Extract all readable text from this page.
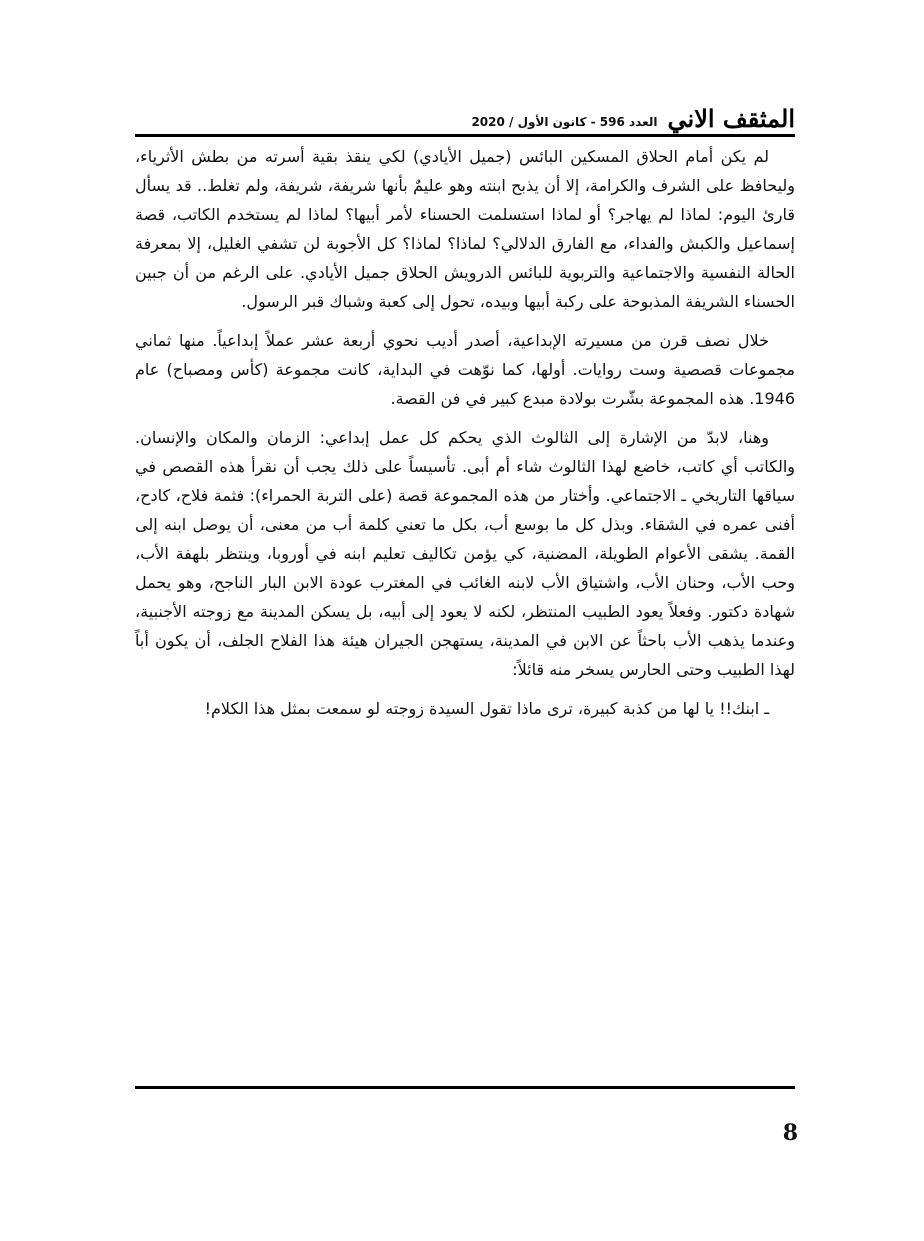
المثقف الاني
العدد 596 - كانون الأول / 2020

لم يكن أمام الحلاق المسكين البائس (جميل الأيادي) لكي ينقذ بقية أسرته من بطش الأثرياء، وليحافظ على الشرف والكرامة، إلا أن يذبح ابنته وهو عليمٌ بأنها شريفة، شريفة، ولم تغلط.. قد يسأل قارئ اليوم: لماذا لم يهاجر؟ أو لماذا استسلمت الحسناء لأمر أبيها؟ لماذا لم يستخدم الكاتب، قصة إسماعيل والكبش والفداء، مع الفارق الدلالي؟ لماذا؟ لماذا؟ كل الأجوبة لن تشفي الغليل، إلا بمعرفة الحالة النفسية والاجتماعية والتربوية للبائس الدرويش الحلاق جميل الأيادي. على الرغم من أن جبين الحسناء الشريفة المذبوحة على ركبة أبيها وبيده، تحول إلى كعبة وشباك قبر الرسول.

خلال نصف قرن من مسيرته الإبداعية، أصدر أديب نحوي أربعة عشر عملاً إبداعياً. منها ثماني مجموعات قصصية وست روايات. أولها، كما نوّهت في البداية، كانت مجموعة (كأس ومصباح) عام 1946. هذه المجموعة بشّرت بولادة مبدع كبير في فن القصة.

وهنا، لابدّ من الإشارة إلى الثالوث الذي يحكم كل عمل إبداعي: الزمان والمكان والإنسان. والكاتب أي كاتب، خاضع لهذا الثالوث شاء أم أبى. تأسيساً على ذلك يجب أن نقرأ هذه القصص في سياقها التاريخي ـ الاجتماعي. وأختار من هذه المجموعة قصة (على التربة الحمراء): فثمة فلاح، كادح، أفنى عمره في الشقاء. وبذل كل ما بوسع أب، بكل ما تعني كلمة أب من معنى، أن يوصل ابنه إلى القمة. يشقى الأعوام الطويلة، المضنية، كي يؤمن تكاليف تعليم ابنه في أوروبا، وينتظر بلهفة الأب، وحب الأب، وحنان الأب، واشتياق الأب لابنه الغائب في المغترب عودة الابن البار الناجح، وهو يحمل شهادة دكتور. وفعلاً يعود الطبيب المنتظر، لكنه لا يعود إلى أبيه، بل يسكن المدينة مع زوجته الأجنبية، وعندما يذهب الأب باحثاً عن الابن في المدينة، يستهجن الجيران هيئة هذا الفلاح الجلف، أن يكون أباً لهذا الطبيب وحتى الحارس يسخر منه قائلاً:

ـ ابنك!! يا لها من كذبة كبيرة، ترى ماذا تقول السيدة زوجته لو سمعت بمثل هذا الكلام!

8
